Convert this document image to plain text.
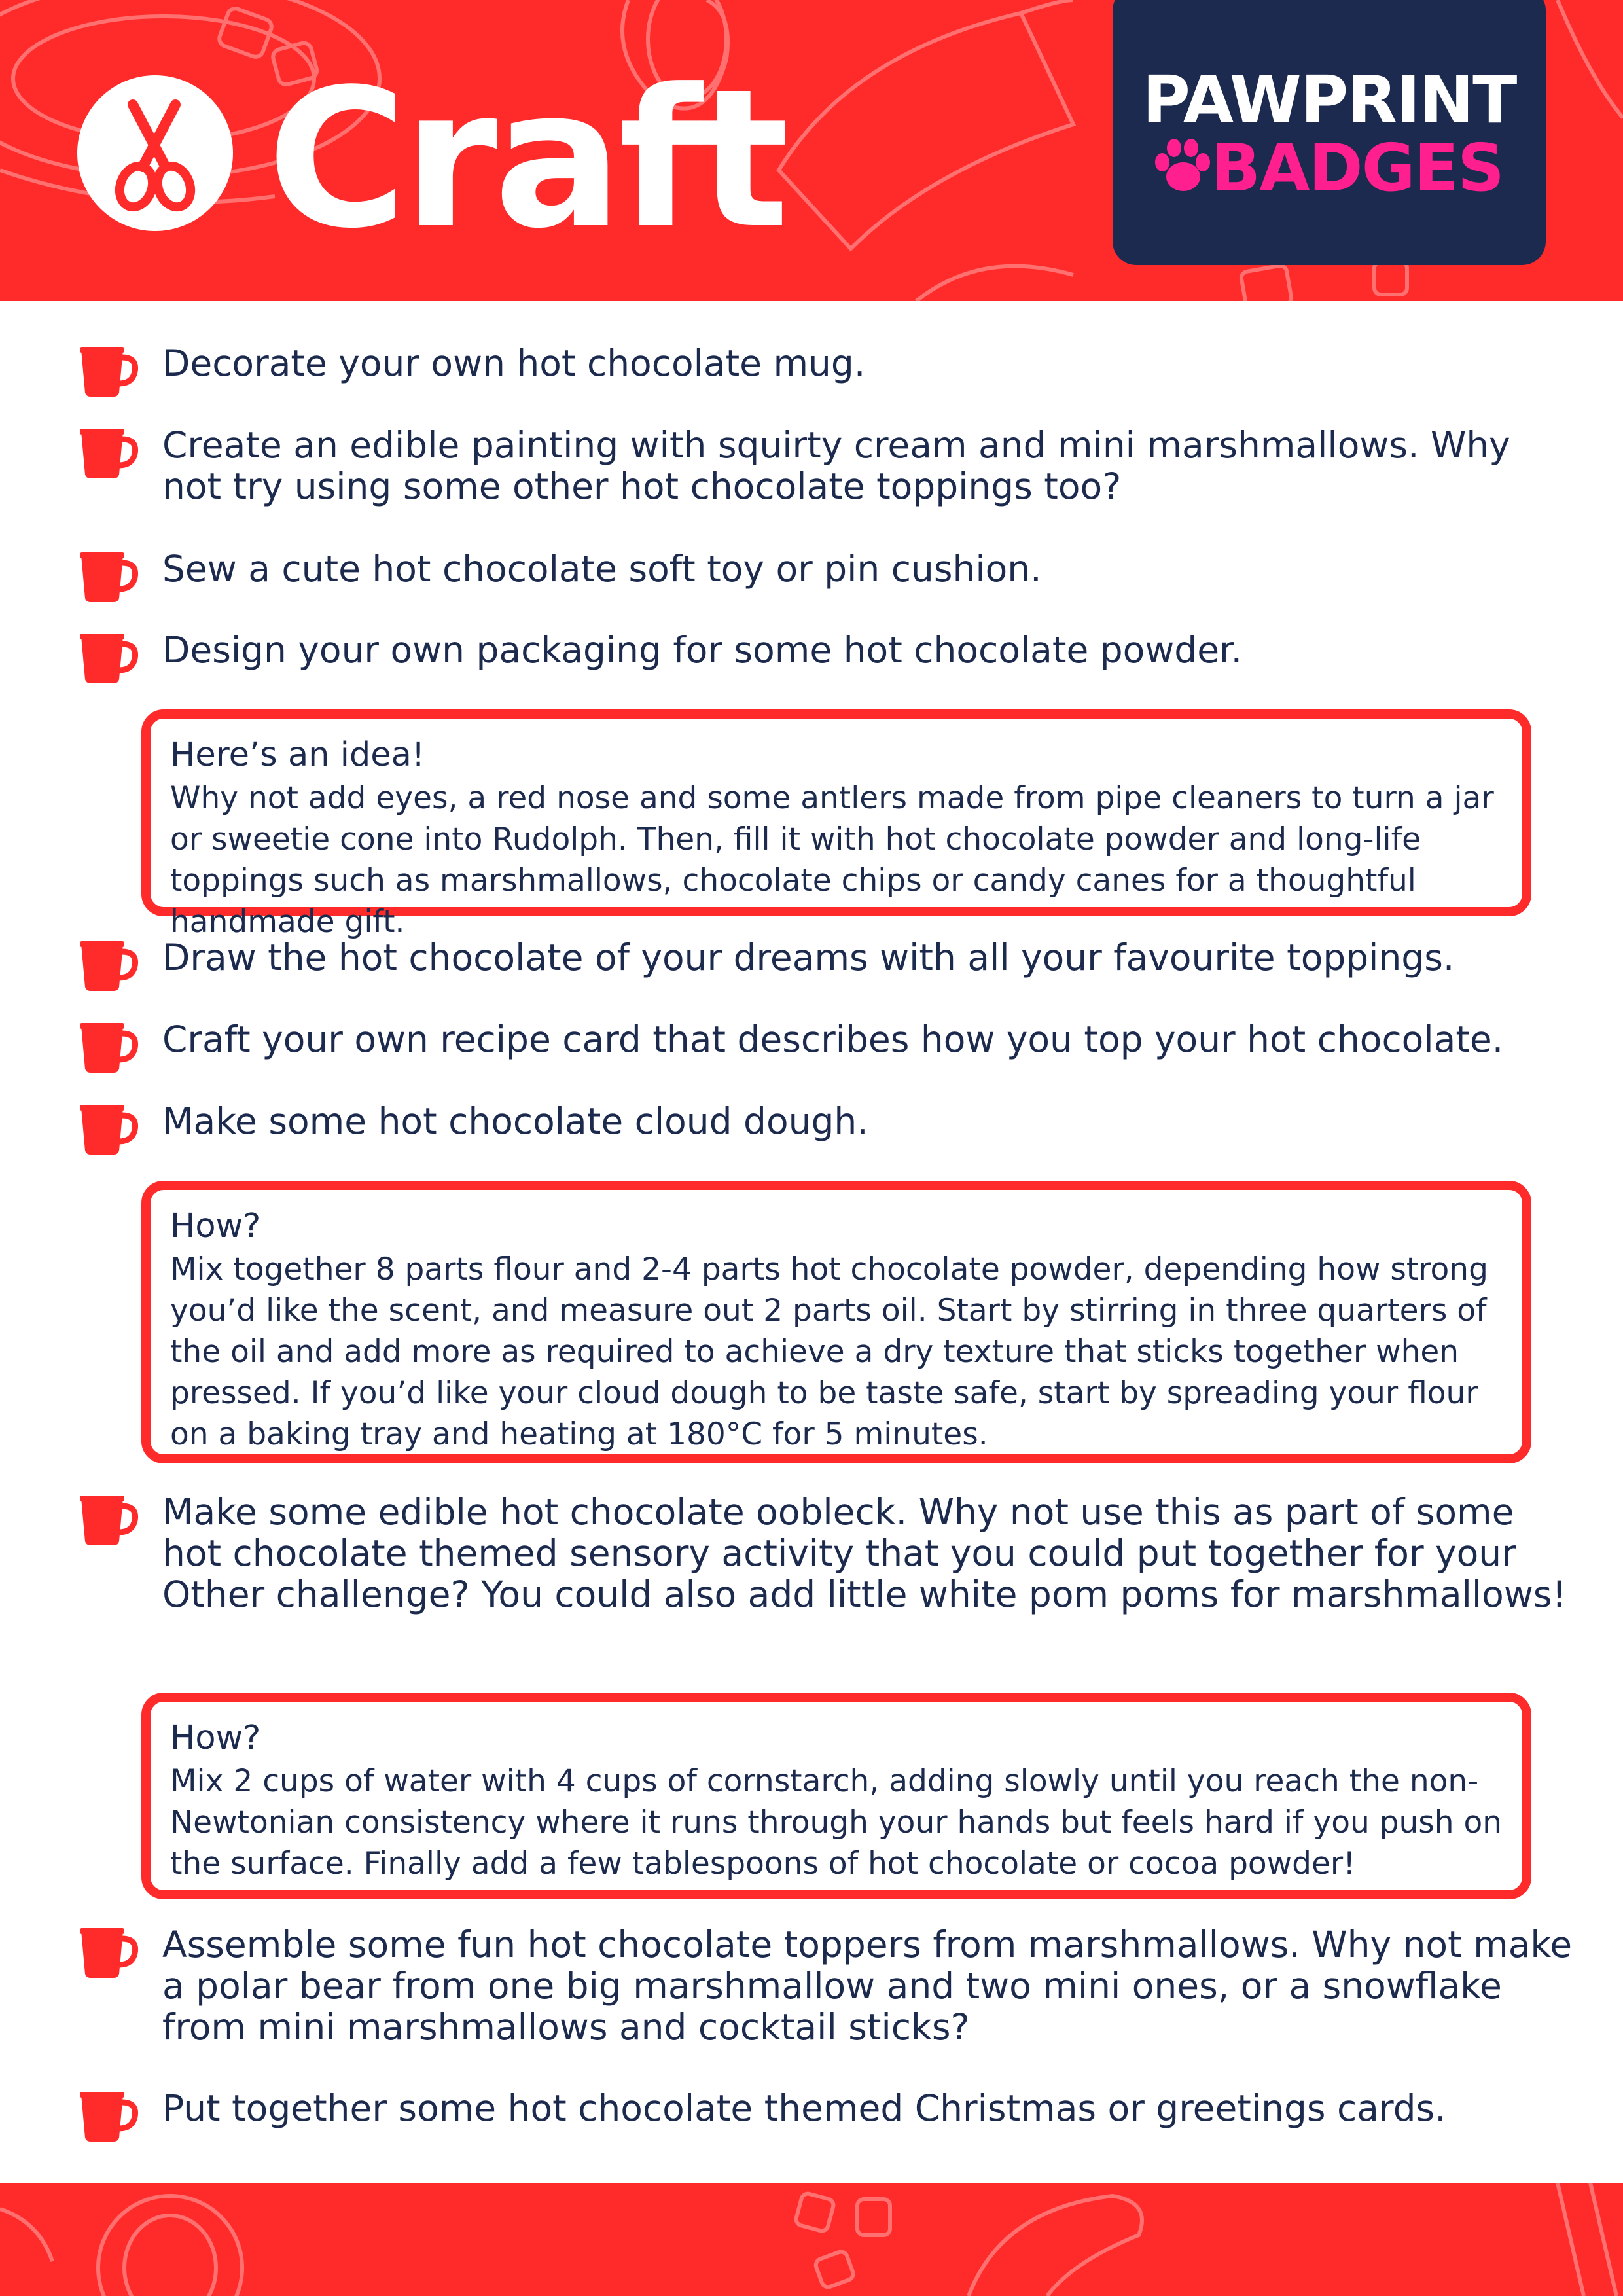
Craft	PAWPRINT
BADGES
Decorate your own hot chocolate mug.
Create an edible painting with squirty cream and mini marshmallows. Why not try using some other hot chocolate toppings too?
Sew a cute hot chocolate soft toy or pin cushion.
Design your own packaging for some hot chocolate powder.
Here’s an idea!
Why not add eyes, a red nose and some antlers made from pipe cleaners to turn a jar or sweetie cone into Rudolph. Then, fill it with hot chocolate powder and long-life toppings such as marshmallows, chocolate chips or candy canes for a thoughtful handmade gift.
Draw the hot chocolate of your dreams with all your favourite toppings.
Craft your own recipe card that describes how you top your hot chocolate.
Make some hot chocolate cloud dough.
How?
Mix together 8 parts flour and 2-4 parts hot chocolate powder, depending how strong you’d like the scent, and measure out 2 parts oil. Start by stirring in three quarters of the oil and add more as required to achieve a dry texture that sticks together when pressed. If you’d like your cloud dough to be taste safe, start by spreading your flour on a baking tray and heating at 180°C for 5 minutes.
Make some edible hot chocolate oobleck. Why not use this as part of some hot chocolate themed sensory activity that you could put together for your Other challenge? You could also add little white pom poms for marshmallows!
How?
Mix 2 cups of water with 4 cups of cornstarch, adding slowly until you reach the non-Newtonian consistency where it runs through your hands but feels hard if you push on the surface. Finally add a few tablespoons of hot chocolate or cocoa powder!
Assemble some fun hot chocolate toppers from marshmallows. Why not make a polar bear from one big marshmallow and two mini ones, or a snowflake from mini marshmallows and cocktail sticks?
Put together some hot chocolate themed Christmas or greetings cards.
